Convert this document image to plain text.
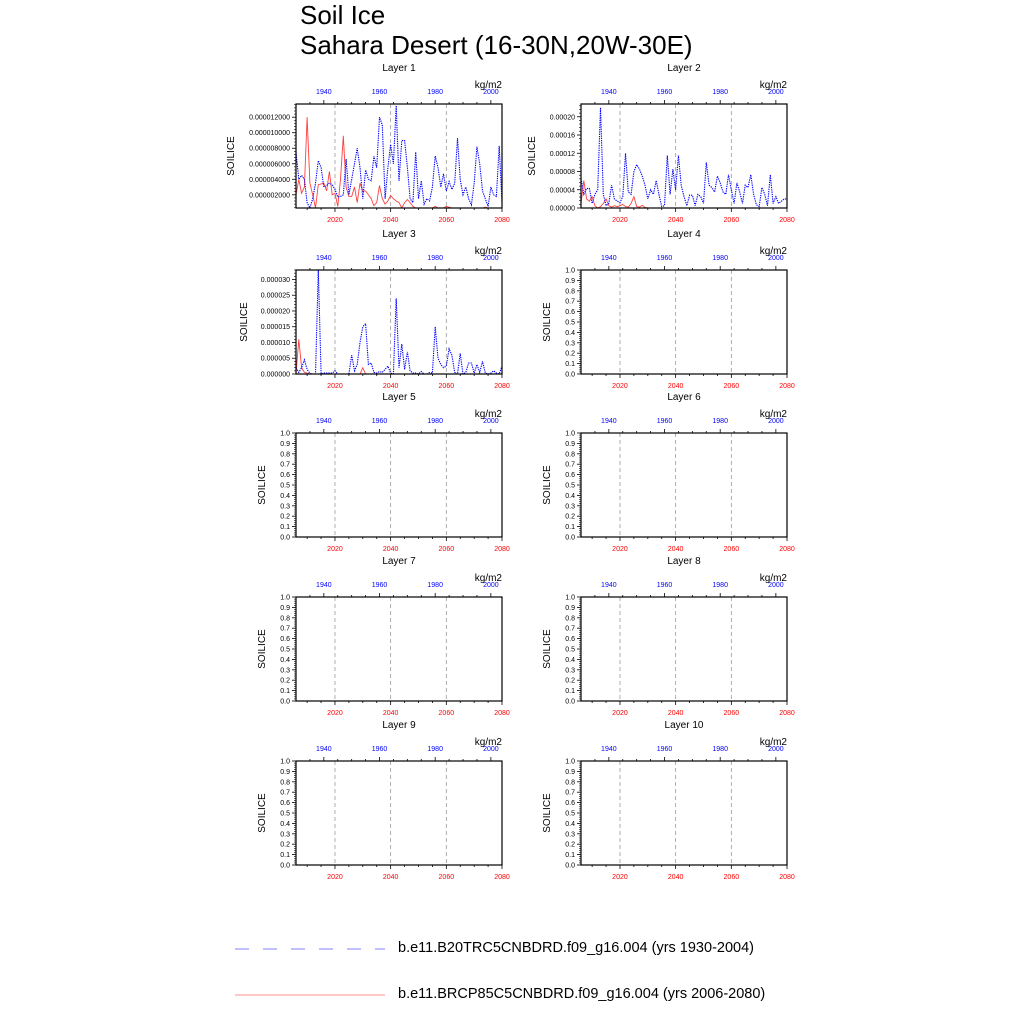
Soil Ice
Sahara Desert (16-30N,20W-30E)
Layer 1
kg/m2
SOILICE
2020	2040	2060	2080
1940	1960	1980	2000
0.000002000
0.000004000
0.000006000
0.000008000
0.000010000
0.000012000
Layer 2
kg/m2
SOILICE
2020	2040	2060	2080
1940	1960	1980	2000
0.00000
0.00004
0.00008
0.00012
0.00016
0.00020
Layer 3
kg/m2
SOILICE
2020	2040	2060	2080
1940	1960	1980	2000
0.000000
0.000005
0.000010
0.000015
0.000020
0.000025
0.000030
Layer 4
kg/m2
SOILICE
2020	2040	2060	2080
1940	1960	1980	2000
0.0
0.1
0.2
0.3
0.4
0.5
0.6
0.7
0.8
0.9
1.0
Layer 5
kg/m2
SOILICE
2020	2040	2060	2080
1940	1960	1980	2000
0.0
0.1
0.2
0.3
0.4
0.5
0.6
0.7
0.8
0.9
1.0
Layer 6
kg/m2
SOILICE
2020	2040	2060	2080
1940	1960	1980	2000
0.0
0.1
0.2
0.3
0.4
0.5
0.6
0.7
0.8
0.9
1.0
Layer 7
kg/m2
SOILICE
2020	2040	2060	2080
1940	1960	1980	2000
0.0
0.1
0.2
0.3
0.4
0.5
0.6
0.7
0.8
0.9
1.0
Layer 8
kg/m2
SOILICE
2020	2040	2060	2080
1940	1960	1980	2000
0.0
0.1
0.2
0.3
0.4
0.5
0.6
0.7
0.8
0.9
1.0
Layer 9
kg/m2
SOILICE
2020	2040	2060	2080
1940	1960	1980	2000
0.0
0.1
0.2
0.3
0.4
0.5
0.6
0.7
0.8
0.9
1.0
Layer 10
kg/m2
SOILICE
2020	2040	2060	2080
1940	1960	1980	2000
0.0
0.1
0.2
0.3
0.4
0.5
0.6
0.7
0.8
0.9
1.0
b.e11.B20TRC5CNBDRD.f09_g16.004 (yrs 1930-2004)
b.e11.BRCP85C5CNBDRD.f09_g16.004 (yrs 2006-2080)
